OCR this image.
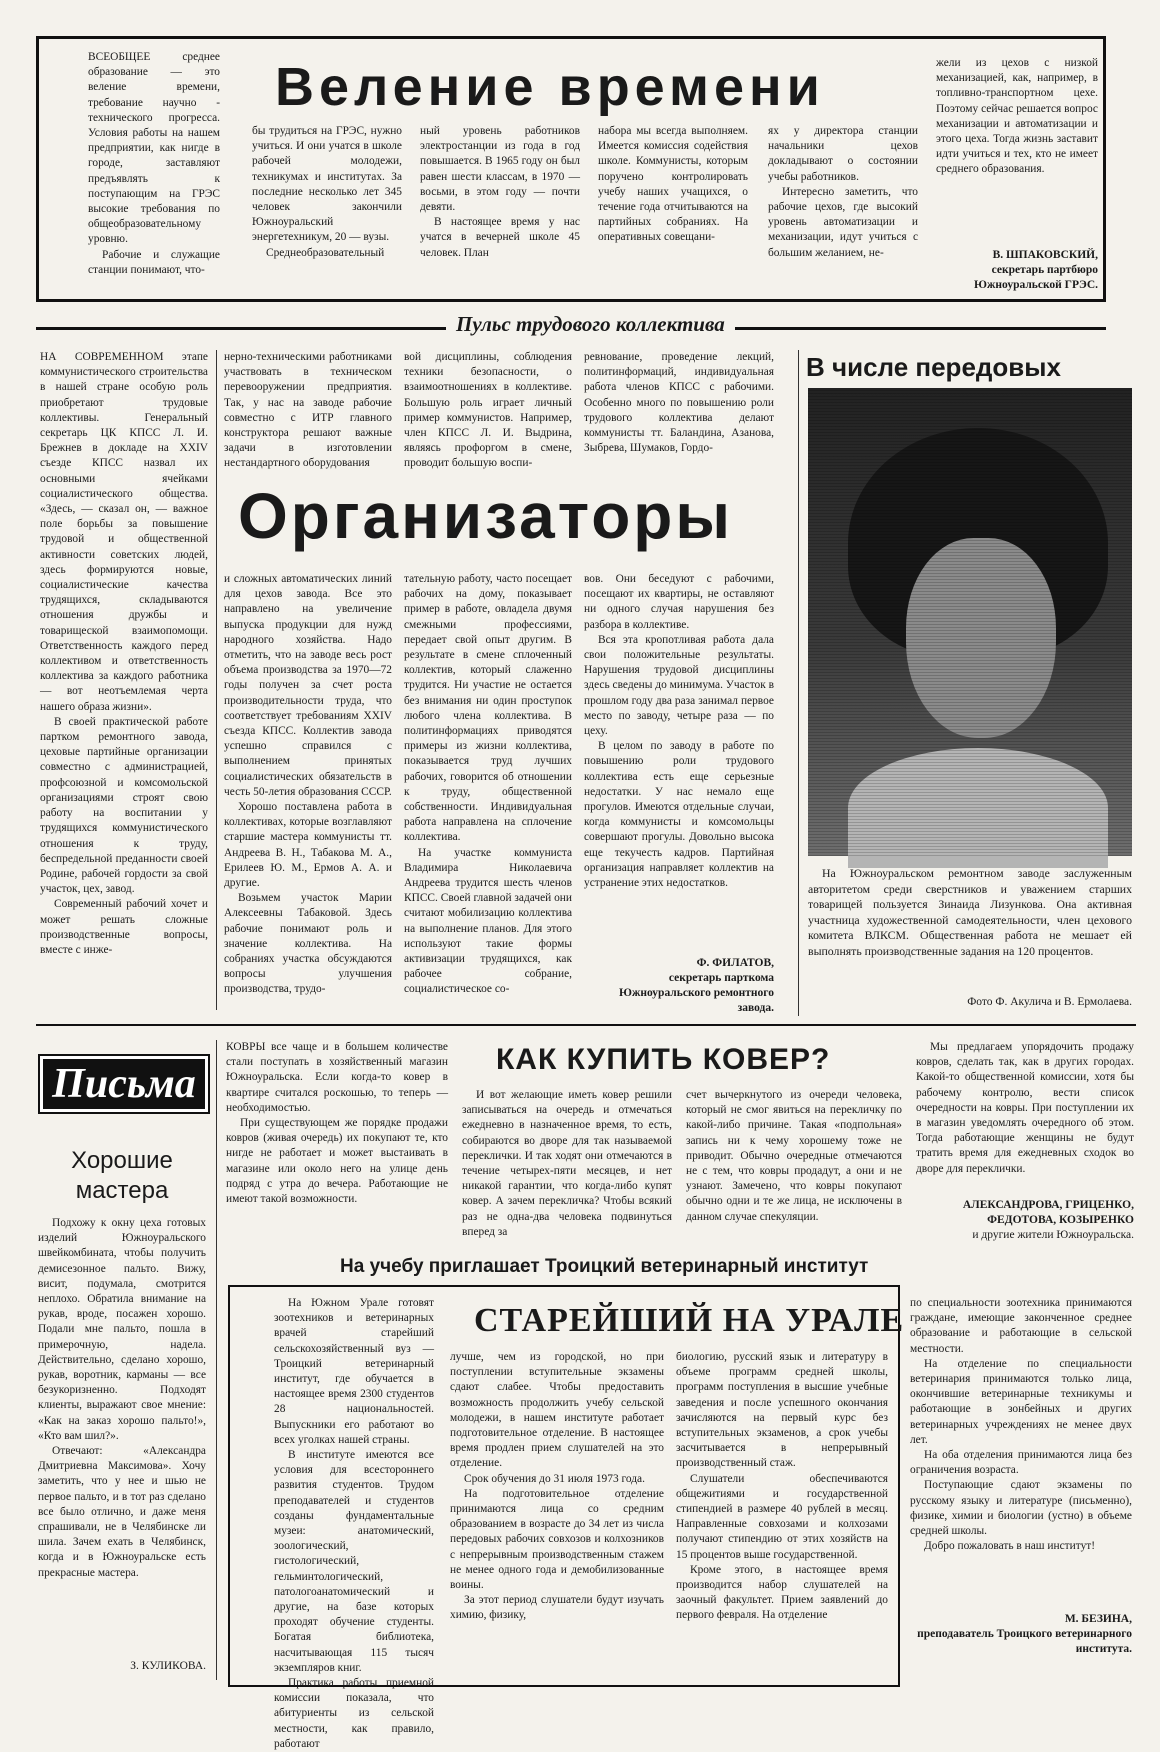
Веление времени

ВСЕОБЩЕЕ среднее образование — это веление времени, требование научно - технического прогресса. Условия работы на нашем предприятии, как нигде в городе, заставляют предъявлять к поступающим на ГРЭС высокие требования по общеобразовательному уровню.

Рабочие и служащие станции понимают, что-

бы трудиться на ГРЭС, нужно учиться. И они учатся в школе рабочей молодежи, техникумах и институтах. За последние несколько лет 345 человек закончили Южноуральский энергетехникум, 20 — вузы.

Среднеобразовательный

ный уровень работников электростанции из года в год повышается. В 1965 году он был равен шести классам, в 1970 — восьми, в этом году — почти девяти.

В настоящее время у нас учатся в вечерней школе 45 человек. План

набора мы всегда выполняем. Имеется комиссия содействия школе. Коммунисты, которым поручено контролировать учебу наших учащихся, о течение года отчитываются на партийных собраниях. На оперативных совещани-

ях у директора станции начальники цехов докладывают о состоянии учебы работников.

Интересно заметить, что рабочие цехов, где высокий уровень автоматизации и механизации, идут учиться с большим желанием, не-

жели из цехов с низкой механизацией, как, например, в топливно-транспортном цехе. Поэтому сейчас решается вопрос механизации и автоматизации и этого цеха. Тогда жизнь заставит идти учиться и тех, кто не имеет среднего образования.

В. ШПАКОВСКИЙ,
секретарь партбюро Южноуральской ГРЭС.
Пульс трудового коллектива

НА СОВРЕМЕННОМ этапе коммунистического строительства в нашей стране особую роль приобретают трудовые коллективы. Генеральный секретарь ЦК КПСС Л. И. Брежнев в докладе на XXIV съезде КПСС назвал их основными ячейками социалистического общества. «Здесь, — сказал он, — важное поле борьбы за повышение трудовой и общественной активности советских людей, здесь формируются новые, социалистические качества трудящихся, складываются отношения дружбы и товарищеской взаимопомощи. Ответственность каждого перед коллективом и ответственность коллектива за каждого работника — вот неотъемлемая черта нашего образа жизни».

В своей практической работе партком ремонтного завода, цеховые партийные организации совместно с администрацией, профсоюзной и комсомольской организациями строят свою работу на воспитании у трудящихся коммунистического отношения к труду, беспредельной преданности своей Родине, рабочей гордости за свой участок, цех, завод.

Современный рабочий хочет и может решать сложные производственные вопросы, вместе с инже-

нерно-техническими работниками участвовать в техническом перевооружении предприятия. Так, у нас на заводе рабочие совместно с ИТР главного конструктора решают важные задачи в изготовлении нестандартного оборудования

вой дисциплины, соблюдения техники безопасности, о взаимоотношениях в коллективе. Большую роль играет личный пример коммунистов. Например, член КПСС Л. И. Выдрина, являясь профоргом в смене, проводит большую воспи-

ревнование, проведение лекций, политинформаций, индивидуальная работа членов КПСС с рабочими. Особенно много по повышению роли трудового коллектива делают коммунисты тт. Баландина, Азанова, Зыбрева, Шумаков, Гордо-

Организаторы

и сложных автоматических линий для цехов завода. Все это направлено на увеличение выпуска продукции для нужд народного хозяйства. Надо отметить, что на заводе весь рост объема производства за 1970—72 годы получен за счет роста производительности труда, что соответствует требованиям XXIV съезда КПСС. Коллектив завода успешно справился с выполнением принятых социалистических обязательств в честь 50-летия образования СССР.

Хорошо поставлена работа в коллективах, которые возглавляют старшие мастера коммунисты тт. Андреева В. Н., Табакова М. А., Ерилеев Ю. М., Ермов А. А. и другие.

Возьмем участок Марии Алексеевны Табаковой. Здесь рабочие понимают роль и значение коллектива. На собраниях участка обсуждаются вопросы улучшения производства, трудо-

тательную работу, часто посещает рабочих на дому, показывает пример в работе, овладела двумя смежными профессиями, передает свой опыт другим. В результате в смене сплоченный коллектив, который слаженно трудится. Ни участие не остается без внимания ни один проступок любого члена коллектива. В политинформациях приводятся примеры из жизни коллектива, показывается труд лучших рабочих, говорится об отношении к труду, общественной собственности. Индивидуальная работа направлена на сплочение коллектива.

На участке коммуниста Владимира Николаевича Андреева трудится шесть членов КПСС. Своей главной задачей они считают мобилизацию коллектива на выполнение планов. Для этого используют такие формы активизации трудящихся, как рабочее собрание, социалистическое со-

вов. Они беседуют с рабочими, посещают их квартиры, не оставляют ни одного случая нарушения без разбора в коллективе.

Вся эта кропотливая работа дала свои положительные результаты. Нарушения трудовой дисциплины здесь сведены до минимума. Участок в прошлом году два раза занимал первое место по заводу, четыре раза — по цеху.

В целом по заводу в работе по повышению роли трудового коллектива есть еще серьезные недостатки. У нас немало еще прогулов. Имеются отдельные случаи, когда коммунисты и комсомольцы совершают прогулы. Довольно высока еще текучесть кадров. Партийная организация направляет коллектив на устранение этих недостатков.

Ф. ФИЛАТОВ,
секретарь парткома Южноуральского ремонтного завода.
В числе передовых

На Южноуральском ремонтном заводе заслуженным авторитетом среди сверстников и уважением старших товарищей пользуется Зинаида Лизункова. Она активная участница художественной самодеятельности, член цехового комитета ВЛКСМ. Общественная работа не мешает ей выполнять производственные задания на 120 процентов.

Фото Ф. Акулича и В. Ермолаева.
Письма
Хорошие мастера

Подхожу к окну цеха готовых изделий Южноуральского швейкомбината, чтобы получить демисезонное пальто. Вижу, висит, подумала, смотрится неплохо. Обратила внимание на рукав, вроде, посажен хорошо. Подали мне пальто, пошла в примерочную, надела. Действительно, сделано хорошо, рукав, воротник, карманы — все безукоризненно. Подходят клиенты, выражают свое мнение: «Как на заказ хорошо пальто!», «Кто вам шил?».

Отвечают: «Александра Дмитриевна Максимова». Хочу заметить, что у нее и шью не первое пальто, и в тот раз сделано все было отлично, и даже меня спрашивали, не в Челябинске ли шила. Зачем ехать в Челябинск, когда и в Южноуральске есть прекрасные мастера.

З. КУЛИКОВА.

КОВРЫ все чаще и в большем количестве стали поступать в хозяйственный магазин Южноуральска. Если когда-то ковер в квартире считался роскошью, то теперь — необходимостью.

При существующем же порядке продажи ковров (живая очередь) их покупают те, кто нигде не работает и может выстаивать в магазине или около него на улице день подряд с утра до вечера. Работающие не имеют такой возможности.

КАК КУПИТЬ КОВЕР?

И вот желающие иметь ковер решили записываться на очередь и отмечаться ежедневно в назначенное время, то есть, собираются во дворе для так называемой переклички. И так ходят они отмечаются в течение четырех-пяти месяцев, и нет никакой гарантии, что когда-либо купят ковер. А зачем перекличка? Чтобы всякий раз не одна-два человека подвинуться вперед за

счет вычеркнутого из очереди человека, который не смог явиться на перекличку по какой-либо причине. Такая «подпольная» запись ни к чему хорошему тоже не приводит. Обычно очередные отмечаются не с тем, что ковры продадут, а они и не узнают. Замечено, что ковры покупают обычно одни и те же лица, не исключены в данном случае спекуляции.

Мы предлагаем упорядочить продажу ковров, сделать так, как в других городах. Какой-то общественной комиссии, хотя бы рабочему контролю, вести список очередности на ковры. При поступлении их в магазин уведомлять очередного об этом. Тогда работающие женщины не будут тратить время для ежедневных сходок во дворе для переклички.

АЛЕКСАНДРОВА, ГРИЦЕНКО, ФЕДОТОВА, КОЗЫРЕНКО
и другие жители Южноуральска.
На учебу приглашает Троицкий ветеринарный институт
СТАРЕЙШИЙ НА УРАЛЕ

На Южном Урале готовят зоотехников и ветеринарных врачей старейший сельскохозяйственный вуз — Троицкий ветеринарный институт, где обучается в настоящее время 2300 студентов 28 национальностей. Выпускники его работают во всех уголках нашей страны.

В институте имеются все условия для всестороннего развития студентов. Трудом преподавателей и студентов созданы фундаментальные музеи: анатомический, зоологический, гистологический, гельминтологический, патологоанатомический и другие, на базе которых проходят обучение студенты. Богатая библиотека, насчитывающая 115 тысяч экземпляров книг.

Практика работы приемной комиссии показала, что абитуриенты из сельской местности, как правило, работают

лучше, чем из городской, но при поступлении вступительные экзамены сдают слабее. Чтобы предоставить возможность продолжить учебу сельской молодежи, в нашем институте работает подготовительное отделение. В настоящее время продлен прием слушателей на это отделение.

Срок обучения до 31 июля 1973 года.

На подготовительное отделение принимаются лица со средним образованием в возрасте до 34 лет из числа передовых рабочих совхозов и колхозников с непрерывным производственным стажем не менее одного года и демобилизованные воины.

За этот период слушатели будут изучать химию, физику,

биологию, русский язык и литературу в объеме программ средней школы, программ поступления в высшие учебные заведения и после успешного окончания зачисляются на первый курс без вступительных экзаменов, а срок учебы засчитывается в непрерывный производственный стаж.

Слушатели обеспечиваются общежитиями и государственной стипендией в размере 40 рублей в месяц. Направленные совхозами и колхозами получают стипендию от этих хозяйств на 15 процентов выше государственной.

Кроме этого, в настоящее время производится набор слушателей на заочный факультет. Прием заявлений до первого февраля. На отделение

по специальности зоотехника принимаются граждане, имеющие законченное среднее образование и работающие в сельской местности.

На отделение по специальности ветеринария принимаются только лица, окончившие ветеринарные техникумы и работающие в зонбейных и других ветеринарных учреждениях не менее двух лет.

На оба отделения принимаются лица без ограничения возраста.

Поступающие сдают экзамены по русскому языку и литературе (письменно), физике, химии и биологии (устно) в объеме средней школы.

Добро пожаловать в наш институт!

М. БЕЗИНА,
преподаватель Троицкого ветеринарного института.
